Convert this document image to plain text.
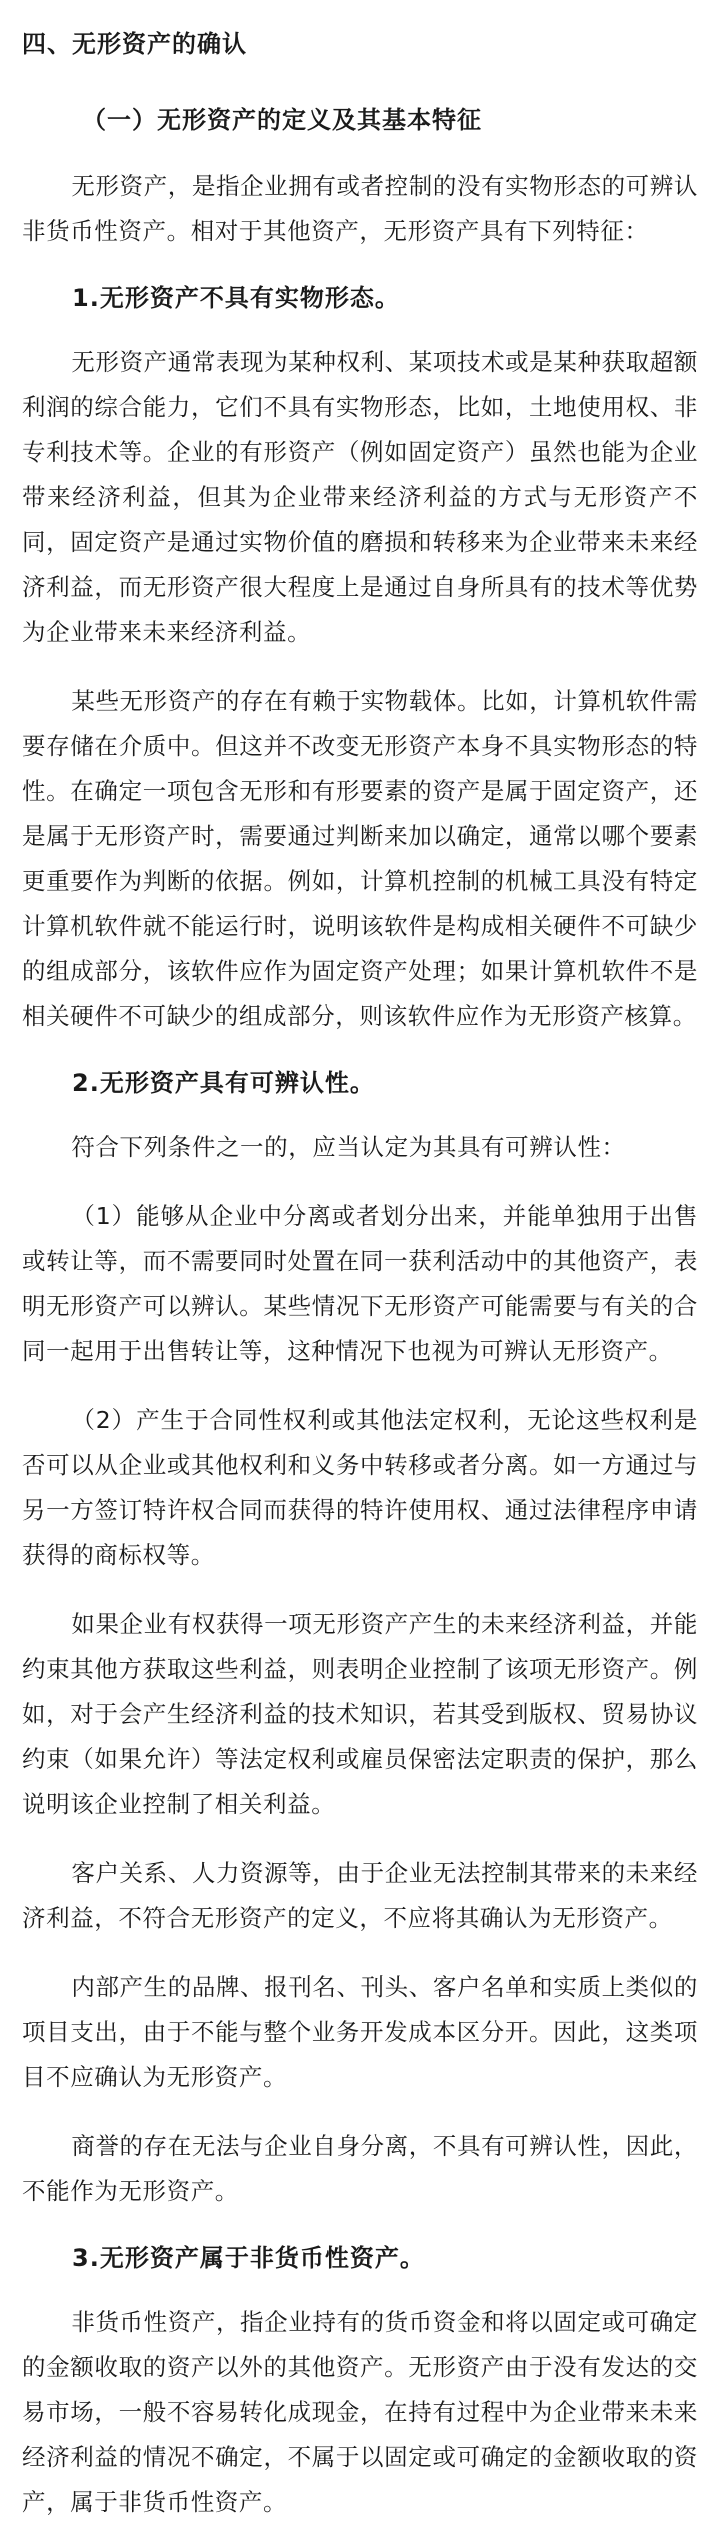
四、无形资产的确认
（一）无形资产的定义及其基本特征

无形资产，是指企业拥有或者控制的没有实物形态的可辨认非货币性资产。相对于其他资产，无形资产具有下列特征：

1.无形资产不具有实物形态。

无形资产通常表现为某种权利、某项技术或是某种获取超额利润的综合能力，它们不具有实物形态，比如，土地使用权、非专利技术等。企业的有形资产（例如固定资产）虽然也能为企业带来经济利益，但其为企业带来经济利益的方式与无形资产不同，固定资产是通过实物价值的磨损和转移来为企业带来未来经济利益，而无形资产很大程度上是通过自身所具有的技术等优势为企业带来未来经济利益。

某些无形资产的存在有赖于实物载体。比如，计算机软件需要存储在介质中。但这并不改变无形资产本身不具实物形态的特性。在确定一项包含无形和有形要素的资产是属于固定资产，还是属于无形资产时，需要通过判断来加以确定，通常以哪个要素更重要作为判断的依据。例如，计算机控制的机械工具没有特定计算机软件就不能运行时，说明该软件是构成相关硬件不可缺少的组成部分，该软件应作为固定资产处理；如果计算机软件不是相关硬件不可缺少的组成部分，则该软件应作为无形资产核算。

2.无形资产具有可辨认性。

符合下列条件之一的，应当认定为其具有可辨认性：

（1）能够从企业中分离或者划分出来，并能单独用于出售或转让等，而不需要同时处置在同一获利活动中的其他资产，表明无形资产可以辨认。某些情况下无形资产可能需要与有关的合同一起用于出售转让等，这种情况下也视为可辨认无形资产。

（2）产生于合同性权利或其他法定权利，无论这些权利是否可以从企业或其他权利和义务中转移或者分离。如一方通过与另一方签订特许权合同而获得的特许使用权、通过法律程序申请获得的商标权等。

如果企业有权获得一项无形资产产生的未来经济利益，并能约束其他方获取这些利益，则表明企业控制了该项无形资产。例如，对于会产生经济利益的技术知识，若其受到版权、贸易协议约束（如果允许）等法定权利或雇员保密法定职责的保护，那么说明该企业控制了相关利益。

客户关系、人力资源等，由于企业无法控制其带来的未来经济利益，不符合无形资产的定义，不应将其确认为无形资产。

内部产生的品牌、报刊名、刊头、客户名单和实质上类似的项目支出，由于不能与整个业务开发成本区分开。因此，这类项目不应确认为无形资产。

商誉的存在无法与企业自身分离，不具有可辨认性，因此，不能作为无形资产。

3.无形资产属于非货币性资产。

非货币性资产，指企业持有的货币资金和将以固定或可确定的金额收取的资产以外的其他资产。无形资产由于没有发达的交易市场，一般不容易转化成现金，在持有过程中为企业带来未来经济利益的情况不确定，不属于以固定或可确定的金额收取的资产，属于非货币性资产。
